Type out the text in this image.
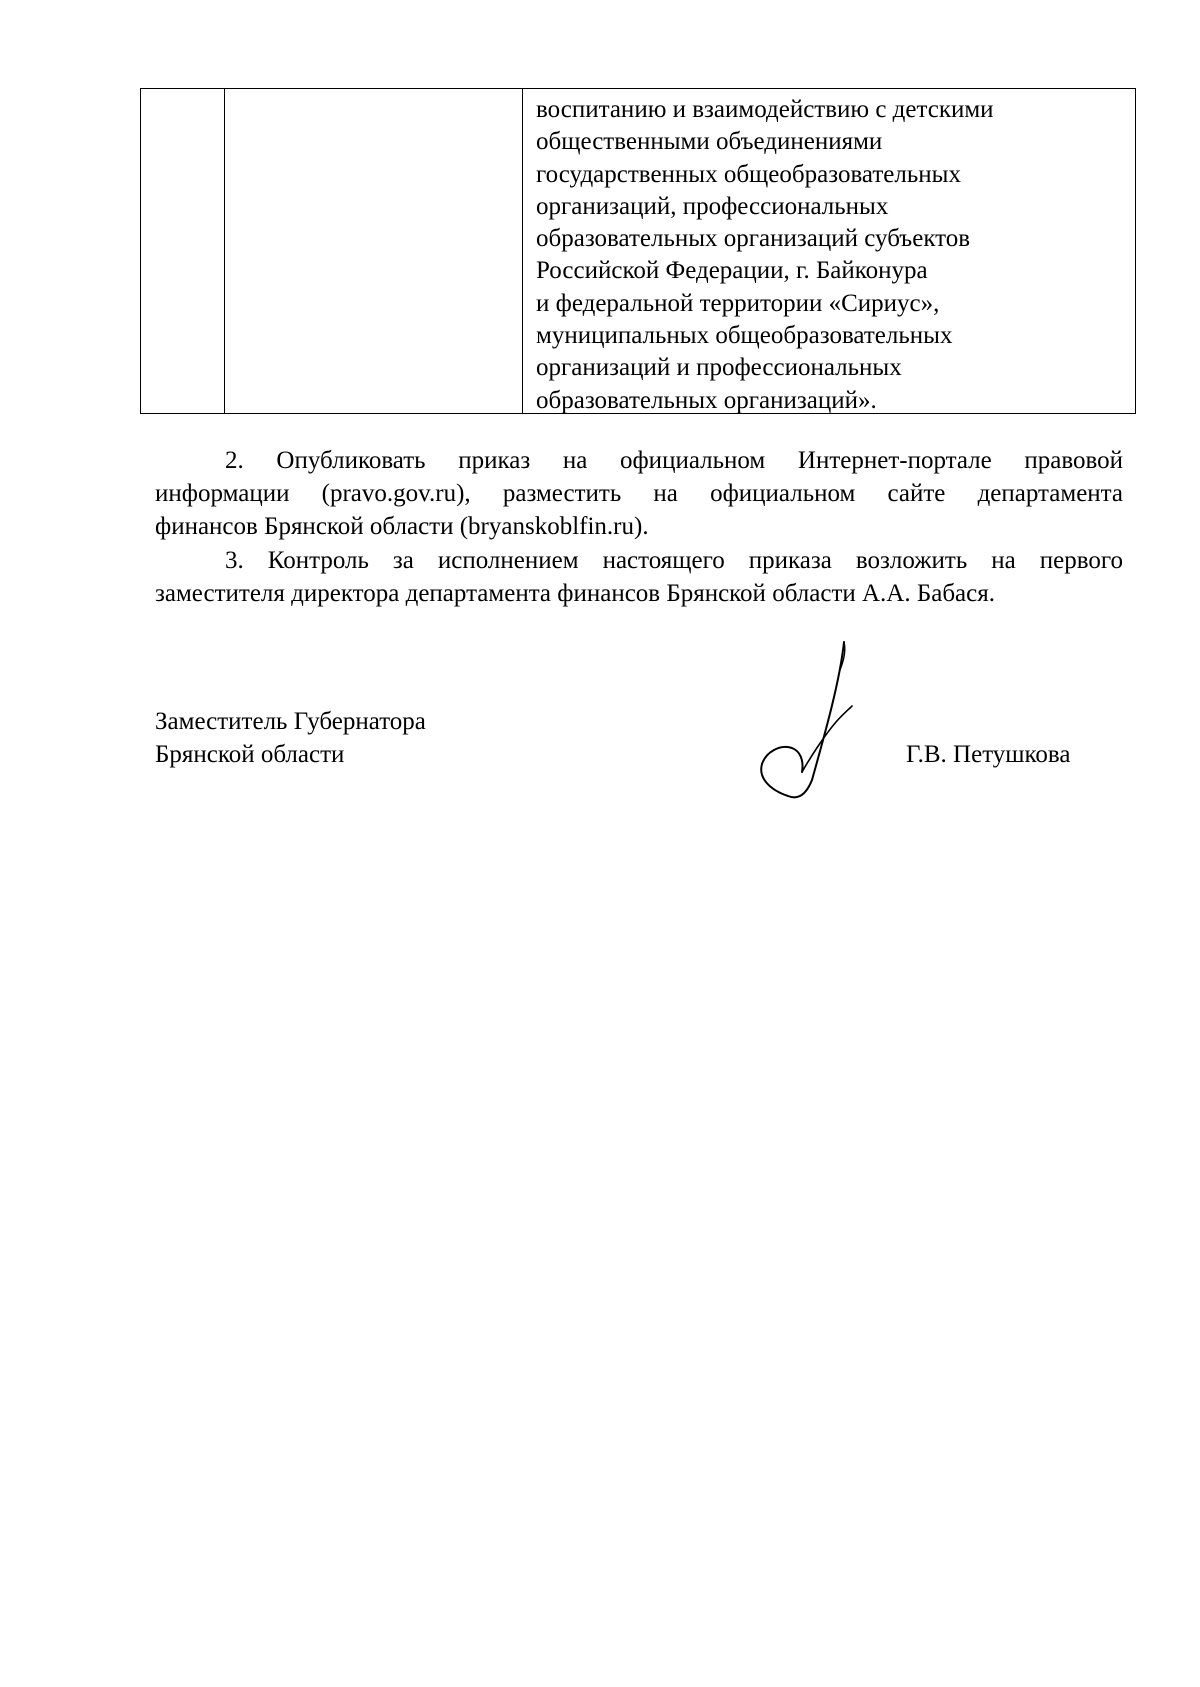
воспитанию и взаимодействию с детскими
общественными объединениями
государственных общеобразовательных
организаций, профессиональных
образовательных организаций субъектов
Российской Федерации, г. Байконура
и федеральной территории «Сириус»,
муниципальных общеобразовательных
организаций и профессиональных
образовательных организаций».
2. Опубликовать приказ на официальном Интернет-портале правовой
информации (pravo.gov.ru), разместить на официальном сайте департамента
финансов Брянской области (bryanskoblfin.ru).
3. Контроль за исполнением настоящего приказа возложить на первого
заместителя директора департамента финансов Брянской области А.А. Бабася.
Заместитель Губернатора
Брянской области	Г.В. Петушкова
